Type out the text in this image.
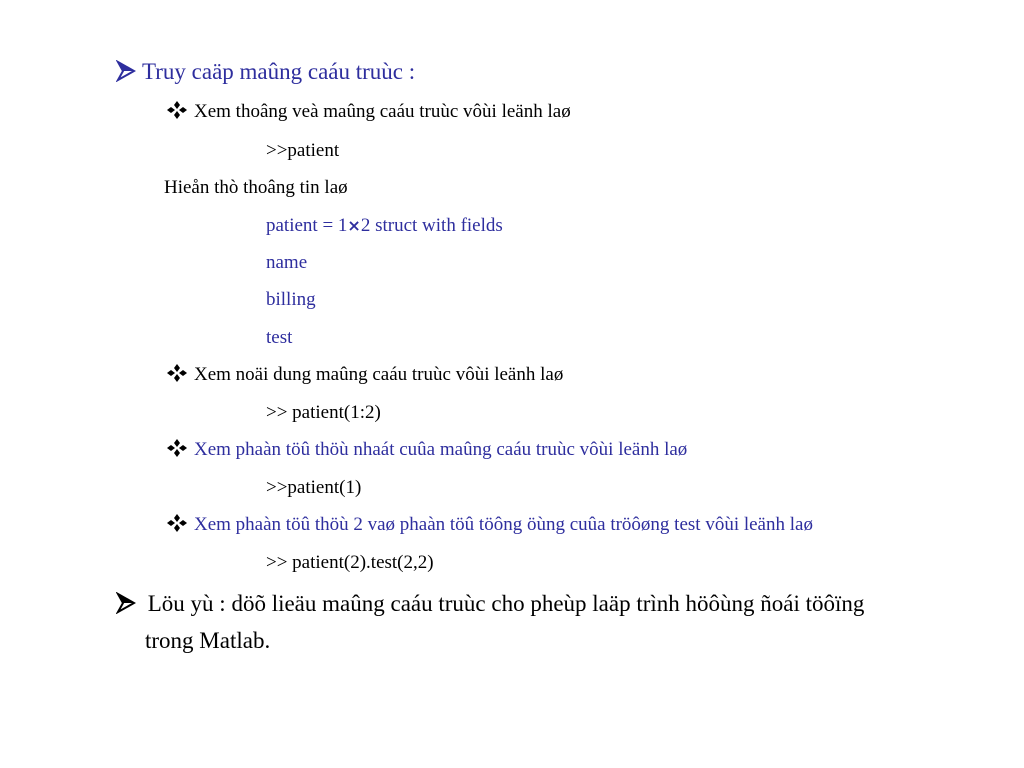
Truy caäp maûng caáu truùc :
Xem thoâng veà maûng caáu truùc vôùi leänh laø
>>patient
Hieån thò thoâng tin laø
patient = 1×2 struct with fields
name
billing
test
Xem noäi dung maûng caáu truùc vôùi leänh laø
>> patient(1:2)
Xem phaàn töû thöù nhaát cuûa maûng caáu truùc vôùi leänh laø
>>patient(1)
Xem phaàn töû thöù 2 vaø phaàn töû töông öùng cuûa tröôøng test vôùi leänh laø
>> patient(2).test(2,2)
Löu yù : döõ lieäu maûng caáu truùc cho pheùp laäp trình höôùng ñoái töôïng
trong Matlab.
